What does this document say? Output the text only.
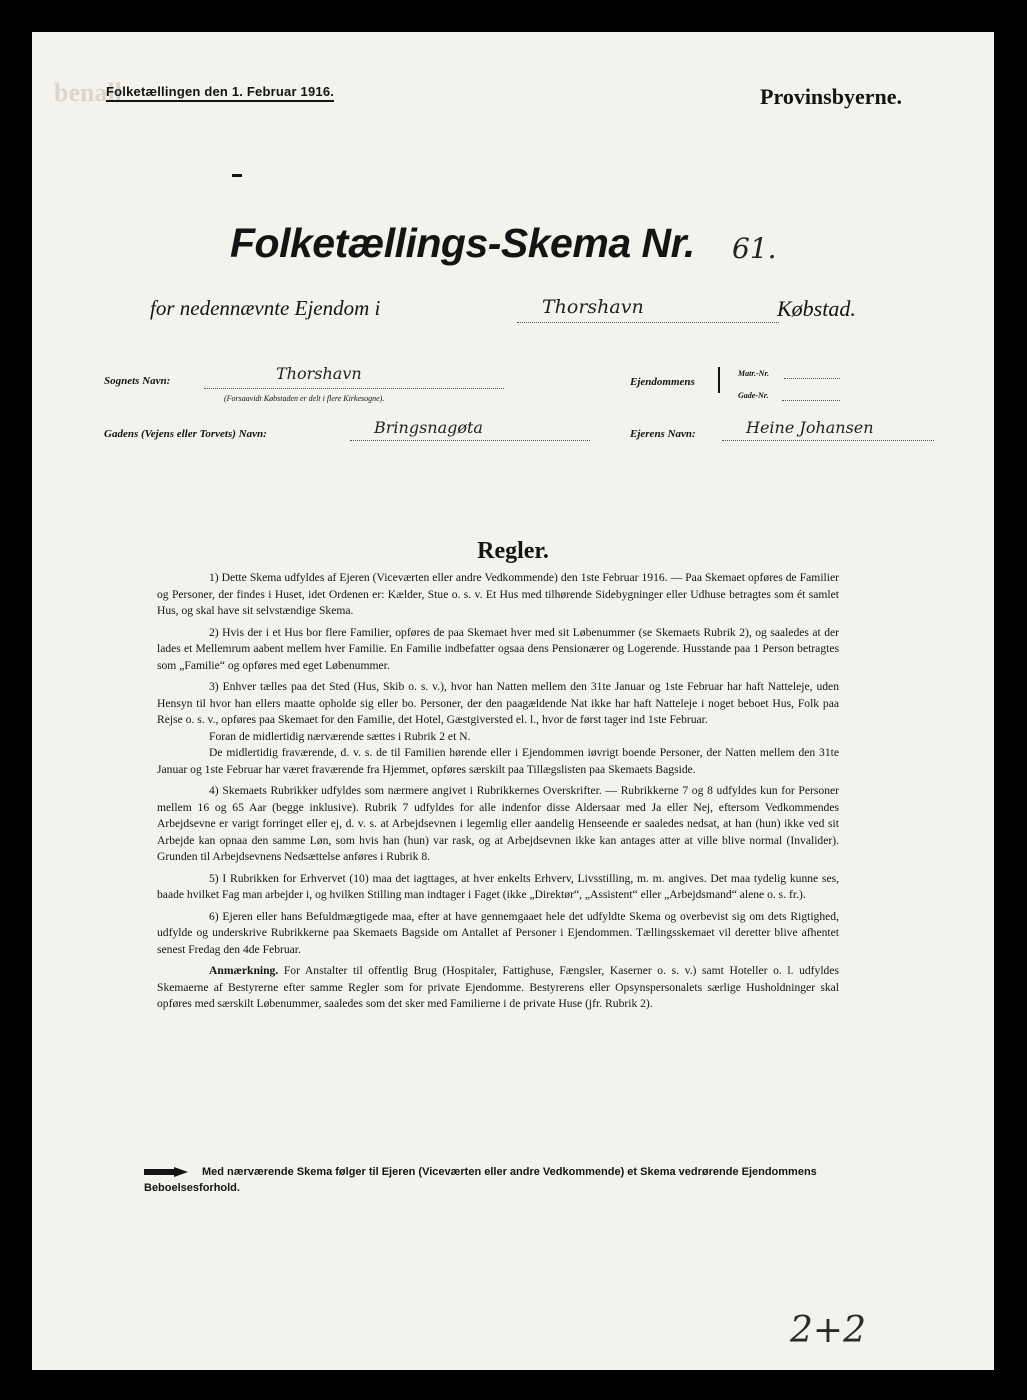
benall
Folketællingen den 1. Februar 1916.	Provinsbyerne.
Folketællings-Skema Nr. 61.
for nedennævnte Ejendom i	Thorshavn	Købstad.
Sognets Navn:	Thorshavn
(Forsaavidt Købstaden er delt i flere Kirkesogne).
Ejendommens
Matr.-Nr.
Gade-Nr.
Gadens (Vejens eller Torvets) Navn:	Bringsnagøta	Ejerens Navn:	Heine Johansen
Regler.

1) Dette Skema udfyldes af Ejeren (Viceværten eller andre Vedkommende) den 1ste Februar 1916. — Paa Skemaet opføres de Familier og Personer, der findes i Huset, idet Ordenen er: Kælder, Stue o. s. v. Et Hus med tilhørende Sidebygninger eller Udhuse betragtes som ét samlet Hus, og skal have sit selvstændige Skema.

2) Hvis der i et Hus bor flere Familier, opføres de paa Skemaet hver med sit Løbenummer (se Skemaets Rubrik 2), og saaledes at der lades et Mellemrum aabent mellem hver Familie. En Familie indbefatter ogsaa dens Pensionærer og Logerende. Husstande paa 1 Person betragtes som „Familie“ og opføres med eget Løbenummer.

3) Enhver tælles paa det Sted (Hus, Skib o. s. v.), hvor han Natten mellem den 31te Januar og 1ste Februar har haft Natteleje, uden Hensyn til hvor han ellers maatte opholde sig eller bo. Personer, der den paagældende Nat ikke har haft Natteleje i noget beboet Hus, Folk paa Rejse o. s. v., opføres paa Skemaet for den Familie, det Hotel, Gæstgiversted el. l., hvor de først tager ind 1ste Februar.

Foran de midlertidig nærværende sættes i Rubrik 2 et N.

De midlertidig fraværende, d. v. s. de til Familien hørende eller i Ejendommen iøvrigt boende Personer, der Natten mellem den 31te Januar og 1ste Februar har været fraværende fra Hjemmet, opføres særskilt paa Tillægslisten paa Skemaets Bagside.

4) Skemaets Rubrikker udfyldes som nærmere angivet i Rubrikkernes Overskrifter. — Rubrikkerne 7 og 8 udfyldes kun for Personer mellem 16 og 65 Aar (begge inklusive). Rubrik 7 udfyldes for alle indenfor disse Aldersaar med Ja eller Nej, eftersom Vedkommendes Arbejdsevne er varigt forringet eller ej, d. v. s. at Arbejdsevnen i legemlig eller aandelig Henseende er saaledes nedsat, at han (hun) ikke ved sit Arbejde kan opnaa den samme Løn, som hvis han (hun) var rask, og at Arbejdsevnen ikke kan antages atter at ville blive normal (Invalider). Grunden til Arbejdsevnens Nedsættelse anføres i Rubrik 8.

5) I Rubrikken for Erhvervet (10) maa det iagttages, at hver enkelts Erhverv, Livsstilling, m. m. angives. Det maa tydelig kunne ses, baade hvilket Fag man arbejder i, og hvilken Stilling man indtager i Faget (ikke „Direktør“, „Assistent“ eller „Arbejdsmand“ alene o. s. fr.).

6) Ejeren eller hans Befuldmægtigede maa, efter at have gennemgaaet hele det udfyldte Skema og overbevist sig om dets Rigtighed, udfylde og underskrive Rubrikkerne paa Skemaets Bagside om Antallet af Personer i Ejendommen. Tællingsskemaet vil deretter blive afhentet senest Fredag den 4de Februar.

Anmærkning. For Anstalter til offentlig Brug (Hospitaler, Fattighuse, Fængsler, Kaserner o. s. v.) samt Hoteller o. l. udfyldes Skemaerne af Bestyrerne efter samme Regler som for private Ejendomme. Bestyrerens eller Opsynspersonalets særlige Husholdninger skal opføres med særskilt Løbenummer, saaledes som det sker med Familierne i de private Huse (jfr. Rubrik 2).

Med nærværende Skema følger til Ejeren (Viceværten eller andre Vedkommende) et Skema vedrørende Ejendommens Beboelsesforhold.
2+2
